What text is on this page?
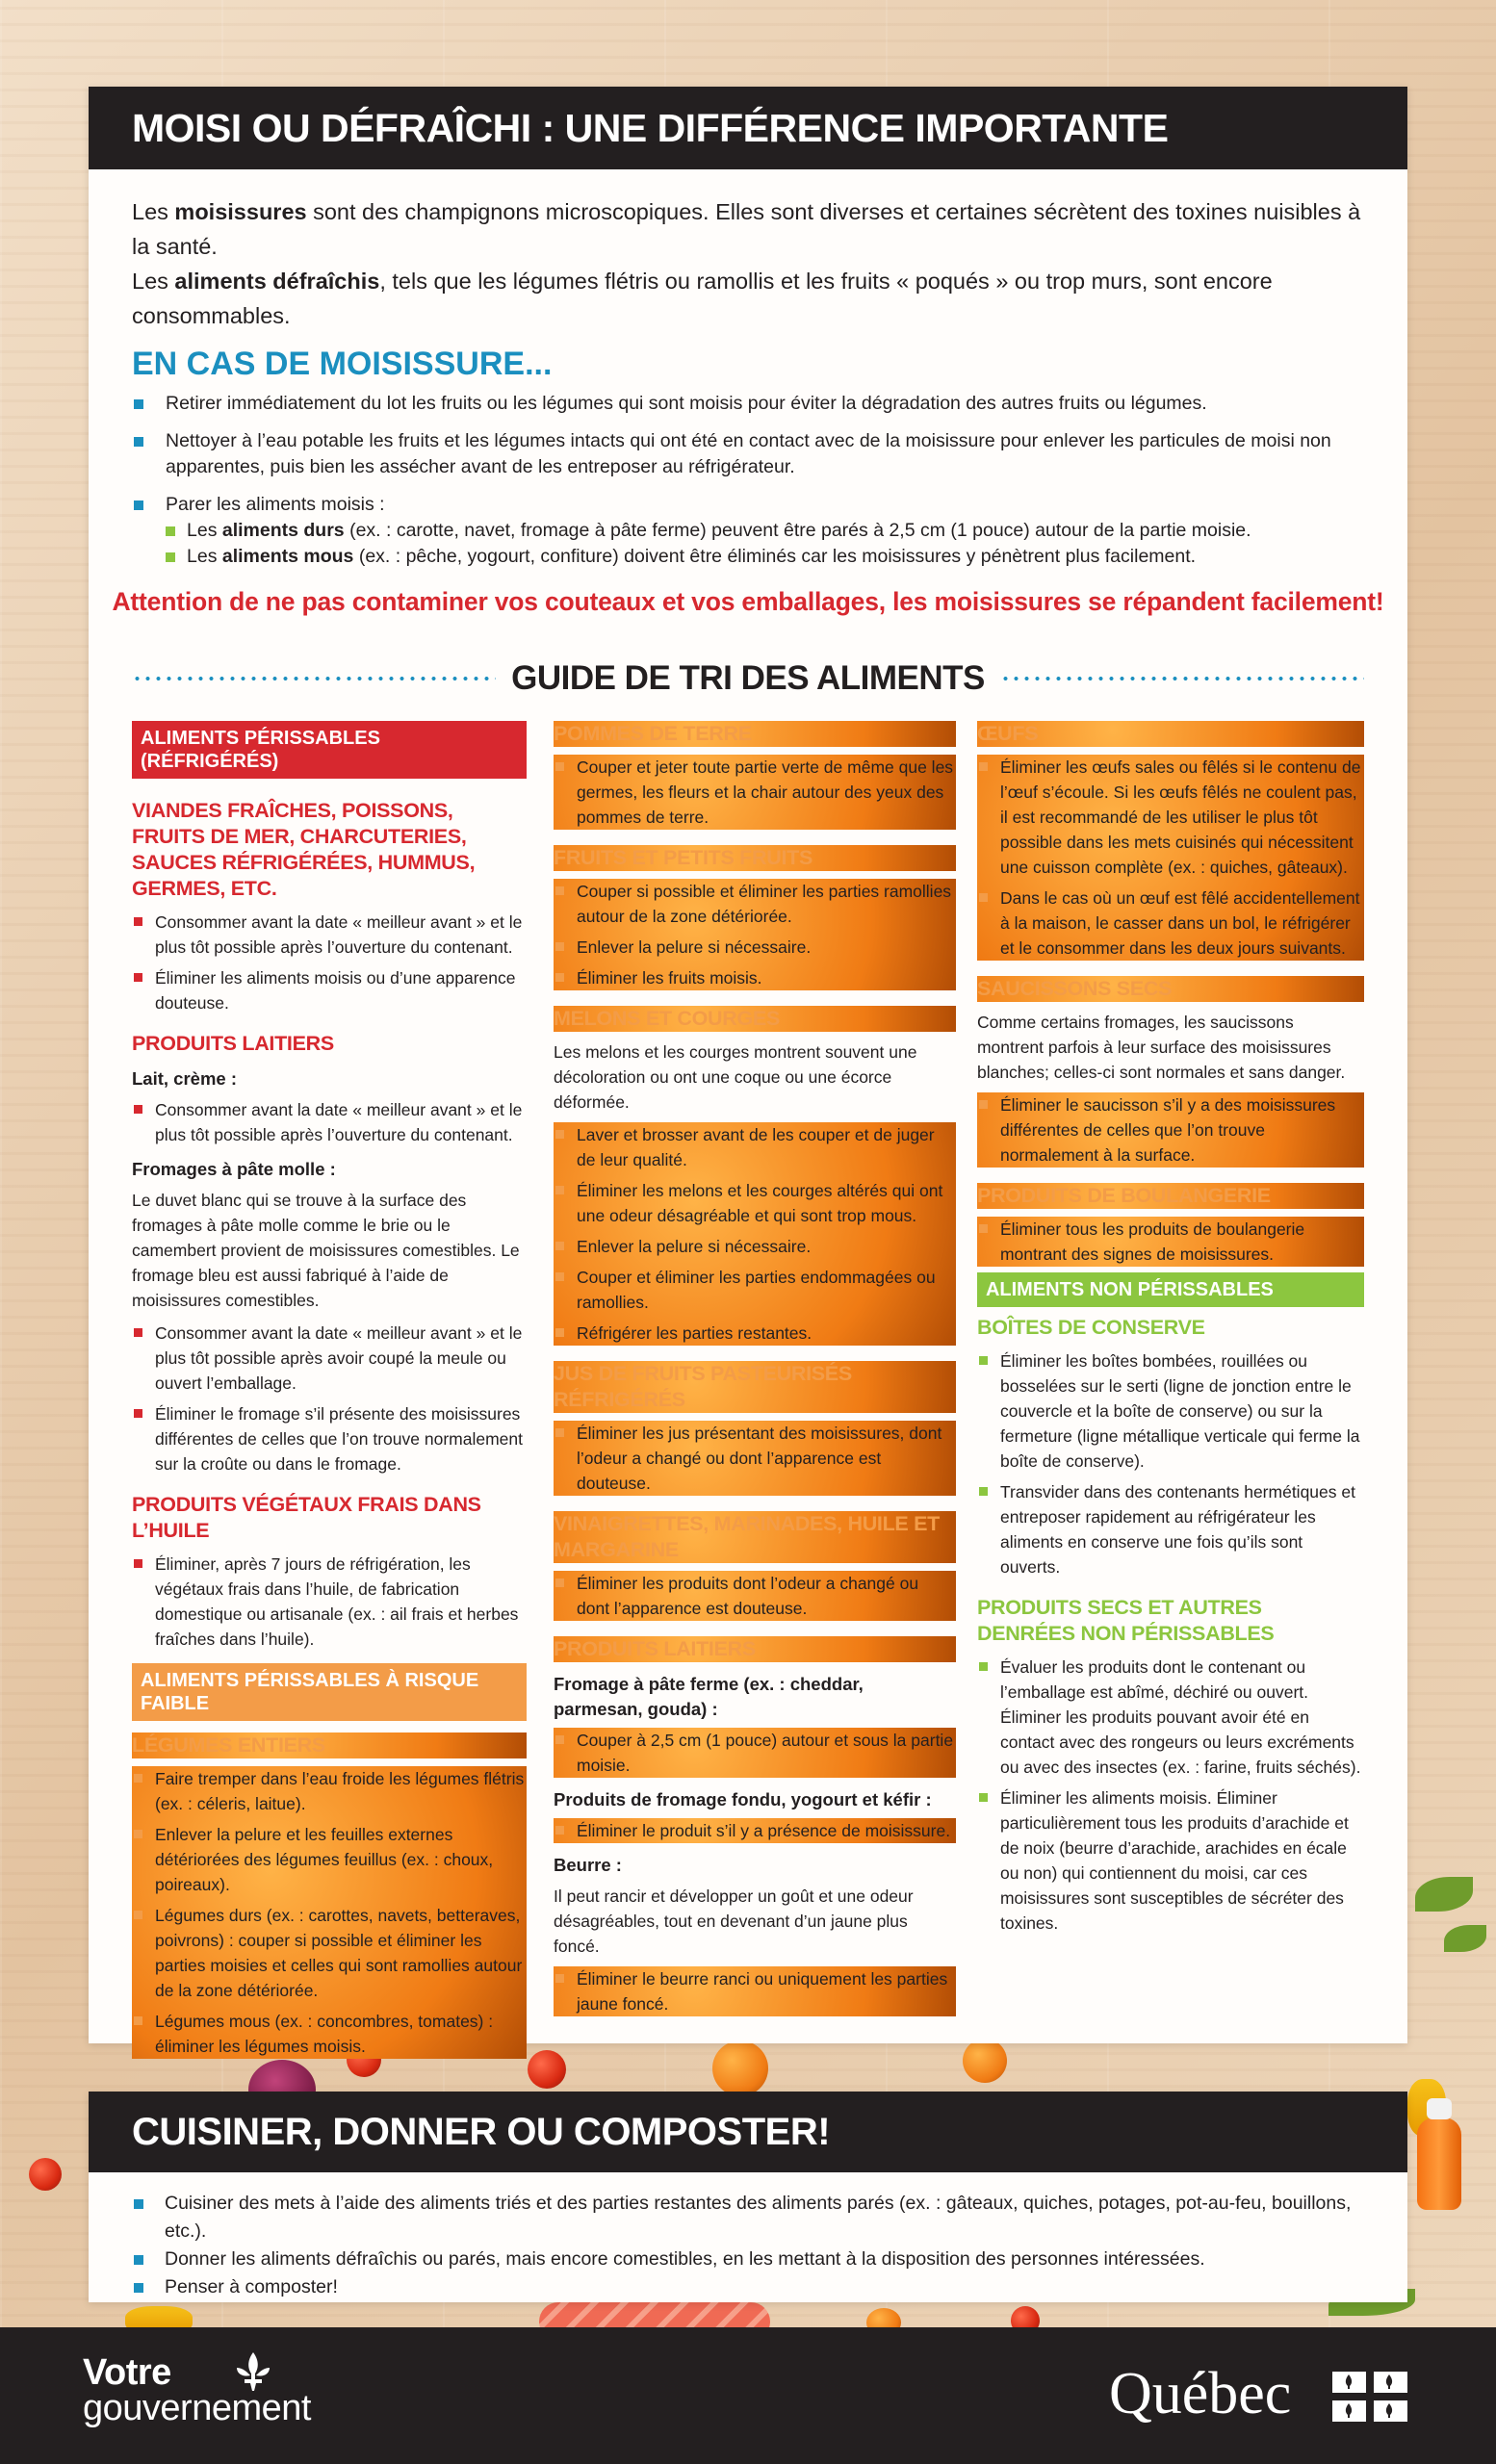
MOISI OU DÉFRAÎCHI : UNE DIFFÉRENCE IMPORTANTE
Les moisissures sont des champignons microscopiques. Elles sont diverses et certaines sécrètent des toxines nuisibles à la santé.
Les aliments défraîchis, tels que les légumes flétris ou ramollis et les fruits « poqués » ou trop murs, sont encore consommables.
EN CAS DE MOISISSURE...
Retirer immédiatement du lot les fruits ou les légumes qui sont moisis pour éviter la dégradation des autres fruits ou légumes.
Nettoyer à l’eau potable les fruits et les légumes intacts qui ont été en contact avec de la moisissure pour enlever les particules de moisi non apparentes, puis bien les assécher avant de les entreposer au réfrigérateur.
Parer les aliments moisis :
Les aliments durs (ex. : carotte, navet, fromage à pâte ferme) peuvent être parés à 2,5 cm (1 pouce) autour de la partie moisie.
Les aliments mous (ex. : pêche, yogourt, confiture) doivent être éliminés car les moisissures y pénètrent plus facilement.
Attention de ne pas contaminer vos couteaux et vos emballages, les moisissures se répandent facilement!
GUIDE DE TRI DES ALIMENTS
ALIMENTS PÉRISSABLES (RÉFRIGÉRÉS)
VIANDES FRAÎCHES, POISSONS, FRUITS DE MER, CHARCUTERIES, SAUCES RÉFRIGÉRÉES, HUMMUS, GERMES, ETC.
Consommer avant la date « meilleur avant » et le plus tôt possible après l’ouverture du contenant.
Éliminer les aliments moisis ou d’une apparence douteuse.
PRODUITS LAITIERS
Lait, crème :
Consommer avant la date « meilleur avant » et le plus tôt possible après l’ouverture du contenant.
Fromages à pâte molle :
Le duvet blanc qui se trouve à la surface des fromages à pâte molle comme le brie ou le camembert provient de moisissures comestibles. Le fromage bleu est aussi fabriqué à l’aide de moisissures comestibles.
Consommer avant la date « meilleur avant » et le plus tôt possible après avoir coupé la meule ou ouvert l’emballage.
Éliminer le fromage s’il présente des moisissures différentes de celles que l’on trouve normalement sur la croûte ou dans le fromage.
PRODUITS VÉGÉTAUX FRAIS DANS L’HUILE
Éliminer, après 7 jours de réfrigération, les végétaux frais dans l’huile, de fabrication domestique ou artisanale (ex. : ail frais et herbes fraîches dans l’huile).
ALIMENTS PÉRISSABLES À RISQUE FAIBLE
LÉGUMES ENTIERS
Faire tremper dans l’eau froide les légumes flétris (ex. : céleris, laitue).
Enlever la pelure et les feuilles externes détériorées des légumes feuillus (ex. : choux, poireaux).
Légumes durs (ex. : carottes, navets, betteraves, poivrons) : couper si possible et éliminer les parties moisies et celles qui sont ramollies autour de la zone détériorée.
Légumes mous (ex. : concombres, tomates) : éliminer les légumes moisis.
POMMES DE TERRE
Couper et jeter toute partie verte de même que les germes, les fleurs et la chair autour des yeux des pommes de terre.
FRUITS ET PETITS FRUITS
Couper si possible et éliminer les parties ramollies autour de la zone détériorée.
Enlever la pelure si nécessaire.
Éliminer les fruits moisis.
MELONS ET COURGES
Les melons et les courges montrent souvent une décoloration ou ont une coque ou une écorce déformée.
Laver et brosser avant de les couper et de juger de leur qualité.
Éliminer les melons et les courges altérés qui ont une odeur désagréable et qui sont trop mous.
Enlever la pelure si nécessaire.
Couper et éliminer les parties endommagées ou ramollies.
Réfrigérer les parties restantes.
JUS DE FRUITS PASTEURISÉS RÉFRIGÉRÉS
Éliminer les jus présentant des moisissures, dont l’odeur a changé ou dont l’apparence est douteuse.
VINAIGRETTES, MARINADES, HUILE ET MARGARINE
Éliminer les produits dont l’odeur a changé ou dont l’apparence est douteuse.
PRODUITS LAITIERS
Fromage à pâte ferme (ex. : cheddar, parmesan, gouda) :
Couper à 2,5 cm (1 pouce) autour et sous la partie moisie.
Produits de fromage fondu, yogourt et kéfir :
Éliminer le produit s’il y a présence de moisissure.
Beurre :
Il peut rancir et développer un goût et une odeur désagréables, tout en devenant d’un jaune plus foncé.
Éliminer le beurre ranci ou uniquement les parties jaune foncé.
ŒUFS
Éliminer les œufs sales ou fêlés si le contenu de l’œuf s’écoule. Si les œufs fêlés ne coulent pas, il est recommandé de les utiliser le plus tôt possible dans les mets cuisinés qui nécessitent une cuisson complète (ex. : quiches, gâteaux).
Dans le cas où un œuf est fêlé accidentellement à la maison, le casser dans un bol, le réfrigérer et le consommer dans les deux jours suivants.
SAUCISSONS SECS
Comme certains fromages, les saucissons montrent parfois à leur surface des moisissures blanches; celles-ci sont normales et sans danger.
Éliminer le saucisson s’il y a des moisissures différentes de celles que l’on trouve normalement à la surface.
PRODUITS DE BOULANGERIE
Éliminer tous les produits de boulangerie montrant des signes de moisissures.
ALIMENTS NON PÉRISSABLES
BOÎTES DE CONSERVE
Éliminer les boîtes bombées, rouillées ou bosselées sur le serti (ligne de jonction entre le couvercle et la boîte de conserve) ou sur la fermeture (ligne métallique verticale qui ferme la boîte de conserve).
Transvider dans des contenants hermétiques et entreposer rapidement au réfrigérateur les aliments en conserve une fois qu’ils sont ouverts.
PRODUITS SECS ET AUTRES DENRÉES NON PÉRISSABLES
Évaluer les produits dont le contenant ou l’emballage est abîmé, déchiré ou ouvert. Éliminer les produits pouvant avoir été en contact avec des rongeurs ou leurs excréments ou avec des insectes (ex. : farine, fruits séchés).
Éliminer les aliments moisis. Éliminer particulièrement tous les produits d’arachide et de noix (beurre d’arachide, arachides en écale ou non) qui contiennent du moisi, car ces moisissures sont susceptibles de sécréter des toxines.
CUISINER, DONNER OU COMPOSTER!
Cuisiner des mets à l’aide des aliments triés et des parties restantes des aliments parés (ex. : gâteaux, quiches, potages, pot-au-feu, bouillons, etc.).
Donner les aliments défraîchis ou parés, mais encore comestibles, en les mettant à la disposition des personnes intéressées.
Penser à composter!
Votre
gouvernement	Québec
